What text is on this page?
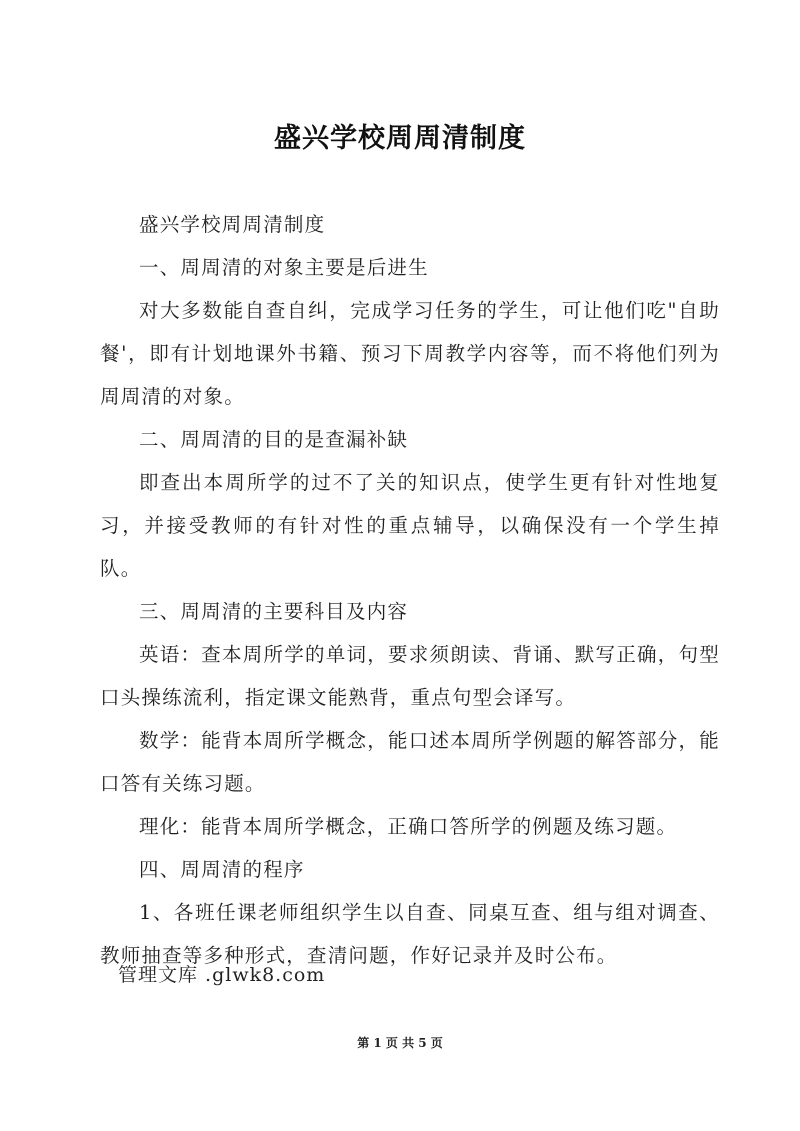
盛兴学校周周清制度

盛兴学校周周清制度

一、周周清的对象主要是后进生

对大多数能自查自纠，完成学习任务的学生，可让他们吃"自助餐'，即有计划地课外书籍、预习下周教学内容等，而不将他们列为周周清的对象。

二、周周清的目的是查漏补缺

即查出本周所学的过不了关的知识点，使学生更有针对性地复习，并接受教师的有针对性的重点辅导，以确保没有一个学生掉队。

三、周周清的主要科目及内容

英语：查本周所学的单词，要求须朗读、背诵、默写正确，句型口头操练流利，指定课文能熟背，重点句型会译写。

数学：能背本周所学概念，能口述本周所学例题的解答部分，能口答有关练习题。

理化：能背本周所学概念，正确口答所学的例题及练习题。

四、周周清的程序

1、各班任课老师组织学生以自查、同桌互查、组与组对调查、教师抽查等多种形式，查清问题，作好记录并及时公布。

管理文库 .glwk8.com
第 1 页 共 5 页
